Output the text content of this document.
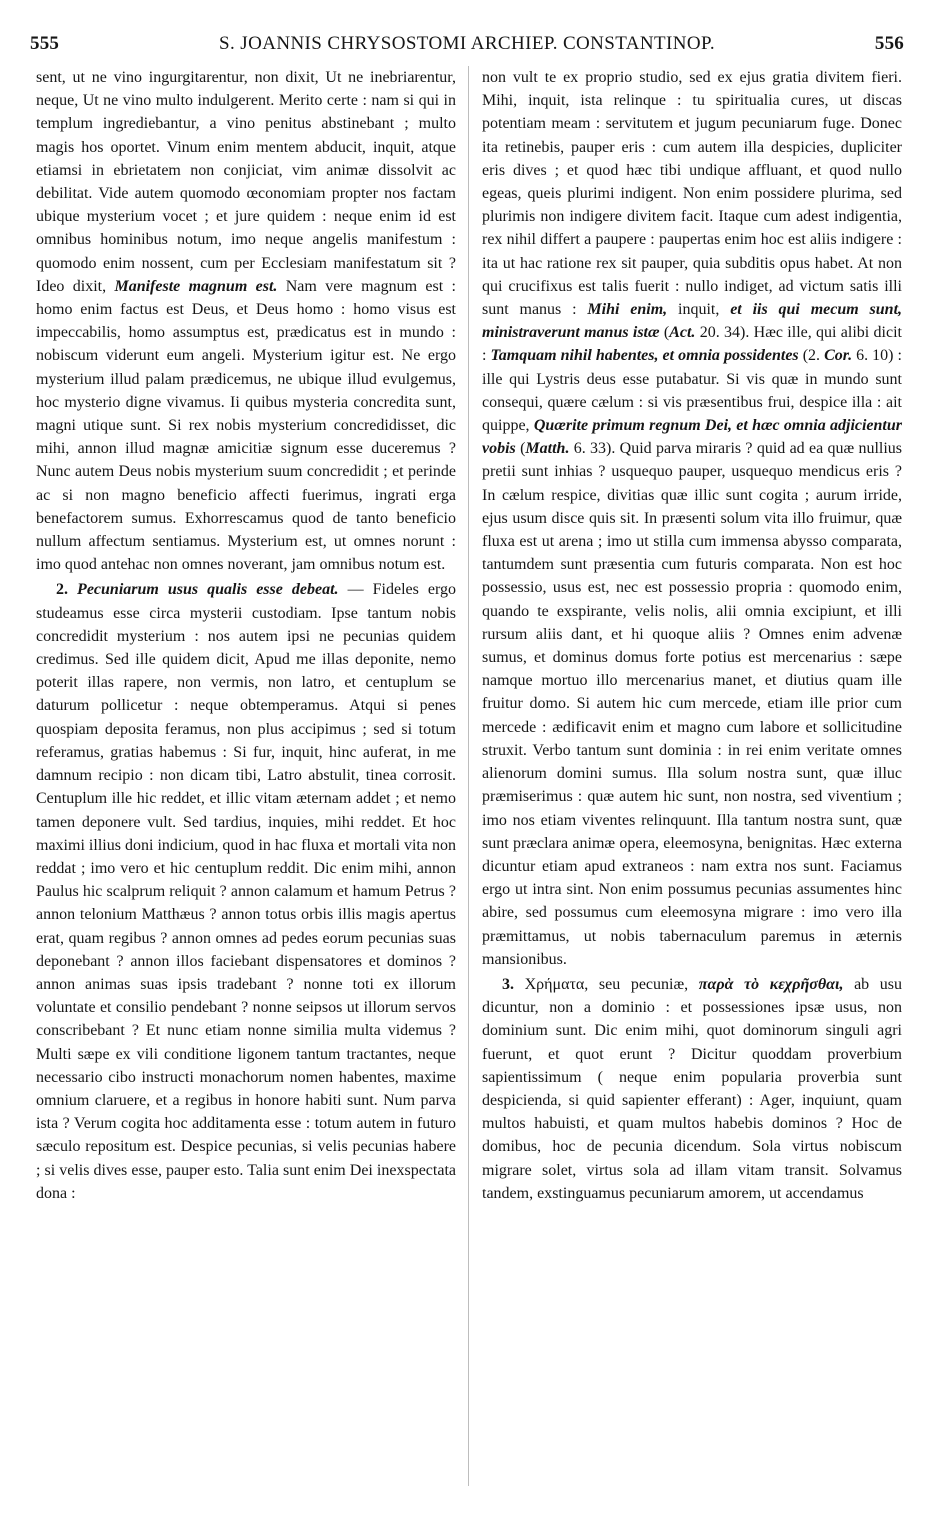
555	S. JOANNIS CHRYSOSTOMI ARCHIEP. CONSTANTINOP.	556

sent, ut ne vino ingurgitarentur, non dixit, Ut ne inebriarentur, neque, Ut ne vino multo indulgerent. Merito certe : nam si qui in templum ingrediebantur, a vino penitus abstinebant ; multo magis hos oportet. Vinum enim mentem abducit, inquit, atque etiamsi in ebrietatem non conjiciat, vim animæ dissolvit ac debilitat. Vide autem quomodo œconomiam propter nos factam ubique mysterium vocet ; et jure quidem : neque enim id est omnibus hominibus notum, imo neque angelis manifestum : quomodo enim nossent, cum per Ecclesiam manifestatum sit ? Ideo dixit, Manifeste magnum est. Nam vere magnum est : homo enim factus est Deus, et Deus homo : homo visus est impeccabilis, homo assumptus est, prædicatus est in mundo : nobiscum viderunt eum angeli. Mysterium igitur est. Ne ergo mysterium illud palam prædicemus, ne ubique illud evulgemus, hoc mysterio digne vivamus. Ii quibus mysteria concredita sunt, magni utique sunt. Si rex nobis mysterium concredidisset, dic mihi, annon illud magnæ amicitiæ signum esse duceremus ? Nunc autem Deus nobis mysterium suum concredidit ; et perinde ac si non magno beneficio affecti fuerimus, ingrati erga benefactorem sumus. Exhorrescamus quod de tanto beneficio nullum affectum sentiamus. Mysterium est, ut omnes norunt : imo quod antehac non omnes noverant, jam omnibus notum est.

2. Pecuniarum usus qualis esse debeat. — Fideles ergo studeamus esse circa mysterii custodiam. Ipse tantum nobis concredidit mysterium : nos autem ipsi ne pecunias quidem credimus. Sed ille quidem dicit, Apud me illas deponite, nemo poterit illas rapere, non vermis, non latro, et centuplum se daturum pollicetur : neque obtemperamus. Atqui si penes quospiam deposita feramus, non plus accipimus ; sed si totum referamus, gratias habemus : Si fur, inquit, hinc auferat, in me damnum recipio : non dicam tibi, Latro abstulit, tinea corrosit. Centuplum ille hic reddet, et illic vitam æternam addet ; et nemo tamen deponere vult. Sed tardius, inquies, mihi reddet. Et hoc maximi illius doni indicium, quod in hac fluxa et mortali vita non reddat ; imo vero et hic centuplum reddit. Dic enim mihi, annon Paulus hic scalprum reliquit ? annon calamum et hamum Petrus ? annon telonium Matthæus ? annon totus orbis illis magis apertus erat, quam regibus ? annon omnes ad pedes eorum pecunias suas deponebant ? annon illos faciebant dispensatores et dominos ? annon animas suas ipsis tradebant ? nonne toti ex illorum voluntate et consilio pendebant ? nonne seipsos ut illorum servos conscribebant ? Et nunc etiam nonne similia multa videmus ? Multi sæpe ex vili conditione ligonem tantum tractantes, neque necessario cibo instructi monachorum nomen habentes, maxime omnium claruere, et a regibus in honore habiti sunt. Num parva ista ? Verum cogita hoc additamenta esse : totum autem in futuro sæculo repositum est. Despice pecunias, si velis pecunias habere ; si velis dives esse, pauper esto. Talia sunt enim Dei inexspectata dona :

non vult te ex proprio studio, sed ex ejus gratia divitem fieri. Mihi, inquit, ista relinque : tu spiritualia cures, ut discas potentiam meam : servitutem et jugum pecuniarum fuge. Donec ita retinebis, pauper eris : cum autem illa despicies, dupliciter eris dives ; et quod hæc tibi undique affluant, et quod nullo egeas, queis plurimi indigent. Non enim possidere plurima, sed plurimis non indigere divitem facit. Itaque cum adest indigentia, rex nihil differt a paupere : paupertas enim hoc est aliis indigere : ita ut hac ratione rex sit pauper, quia subditis opus habet. At non qui crucifixus est talis fuerit : nullo indiget, ad victum satis illi sunt manus : Mihi enim, inquit, et iis qui mecum sunt, ministraverunt manus istæ (Act. 20. 34). Hæc ille, qui alibi dicit : Tamquam nihil habentes, et omnia possidentes (2. Cor. 6. 10) : ille qui Lystris deus esse putabatur. Si vis quæ in mundo sunt consequi, quære cælum : si vis præsentibus frui, despice illa : ait quippe, Quærite primum regnum Dei, et hæc omnia adjicientur vobis (Matth. 6. 33). Quid parva miraris ? quid ad ea quæ nullius pretii sunt inhias ? usquequo pauper, usquequo mendicus eris ? In cælum respice, divitias quæ illic sunt cogita ; aurum irride, ejus usum disce quis sit. In præsenti solum vita illo fruimur, quæ fluxa est ut arena ; imo ut stilla cum immensa abysso comparata, tantumdem sunt præsentia cum futuris comparata. Non est hoc possessio, usus est, nec est possessio propria : quomodo enim, quando te exspirante, velis nolis, alii omnia excipiunt, et illi rursum aliis dant, et hi quoque aliis ? Omnes enim advenæ sumus, et dominus domus forte potius est mercenarius : sæpe namque mortuo illo mercenarius manet, et diutius quam ille fruitur domo. Si autem hic cum mercede, etiam ille prior cum mercede : ædificavit enim et magno cum labore et sollicitudine struxit. Verbo tantum sunt dominia : in rei enim veritate omnes alienorum domini sumus. Illa solum nostra sunt, quæ illuc præmiserimus : quæ autem hic sunt, non nostra, sed viventium ; imo nos etiam viventes relinquunt. Illa tantum nostra sunt, quæ sunt præclara animæ opera, eleemosyna, benignitas. Hæc externa dicuntur etiam apud extraneos : nam extra nos sunt. Faciamus ergo ut intra sint. Non enim possumus pecunias assumentes hinc abire, sed possumus cum eleemosyna migrare : imo vero illa præmittamus, ut nobis tabernaculum paremus in æternis mansionibus.

3. Χρήματα, seu pecuniæ, παρὰ τὸ κεχρῆσθαι, ab usu dicuntur, non a dominio : et possessiones ipsæ usus, non dominium sunt. Dic enim mihi, quot dominorum singuli agri fuerunt, et quot erunt ? Dicitur quoddam proverbium sapientissimum ( neque enim popularia proverbia sunt despicienda, si quid sapienter efferant) : Ager, inquiunt, quam multos habuisti, et quam multos habebis dominos ? Hoc de domibus, hoc de pecunia dicendum. Sola virtus nobiscum migrare solet, virtus sola ad illam vitam transit. Solvamus tandem, exstinguamus pecuniarum amorem, ut accendamus
